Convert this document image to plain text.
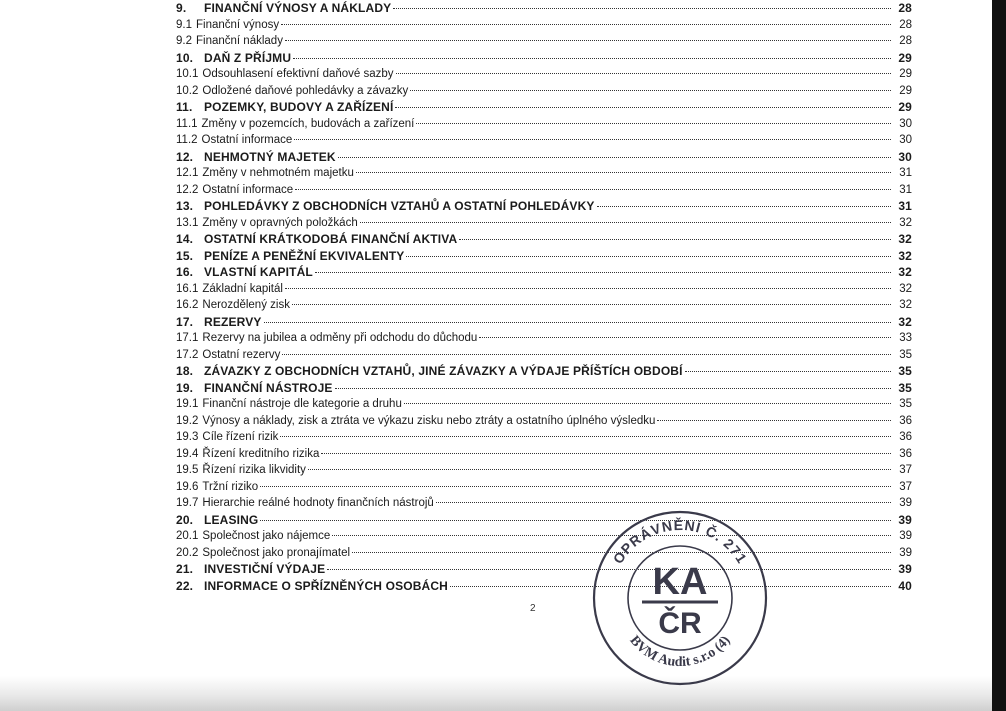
9.	FINANČNÍ VÝNOSY A NÁKLADY	28
9.1 Finanční výnosy	28
9.2 Finanční náklady	28
10. DAŇ Z PŘÍJMU	29
10.1 Odsouhlasení efektivní daňové sazby	29
10.2 Odložené daňové pohledávky a závazky	29
11. POZEMKY, BUDOVY A ZAŘÍZENÍ	29
11.1 Změny v pozemcích, budovách a zařízení	30
11.2 Ostatní informace	30
12. NEHMOTNÝ MAJETEK	30
12.1 Změny v nehmotném majetku	31
12.2 Ostatní informace	31
13. POHLEDÁVKY Z OBCHODNÍCH VZTAHŮ A OSTATNÍ POHLEDÁVKY	31
13.1 Změny v opravných položkách	32
14. OSTATNÍ KRÁTKODOBÁ FINANČNÍ AKTIVA	32
15. PENÍZE A PENĚŽNÍ EKVIVALENTY	32
16. VLASTNÍ KAPITÁL	32
16.1 Základní kapitál	32
16.2 Nerozdělený zisk	32
17. REZERVY	32
17.1 Rezervy na jubilea a odměny při odchodu do důchodu	33
17.2 Ostatní rezervy	35
18. ZÁVAZKY Z OBCHODNÍCH VZTAHŮ, JINÉ ZÁVAZKY A VÝDAJE PŘÍŠTÍCH OBDOBÍ	35
19. FINANČNÍ NÁSTROJE	35
19.1 Finanční nástroje dle kategorie a druhu	35
19.2 Výnosy a náklady, zisk a ztráta ve výkazu zisku nebo ztráty a ostatního úplného výsledku	36
19.3 Cíle řízení rizik	36
19.4 Řízení kreditního rizika	36
19.5 Řízení rizika likvidity	37
19.6 Tržní riziko	37
19.7 Hierarchie reálné hodnoty finančních nástrojů	39
20. LEASING	39
20.1 Společnost jako nájemce	39
20.2 Společnost jako pronajímatel	39
21. INVESTIČNÍ VÝDAJE	39
22. INFORMACE O SPŘÍZNĚNÝCH OSOBÁCH	40
2
OPRÁVNĚNÍ Č. 271
BVM Audit s.r.o (4)
KA
ČR
